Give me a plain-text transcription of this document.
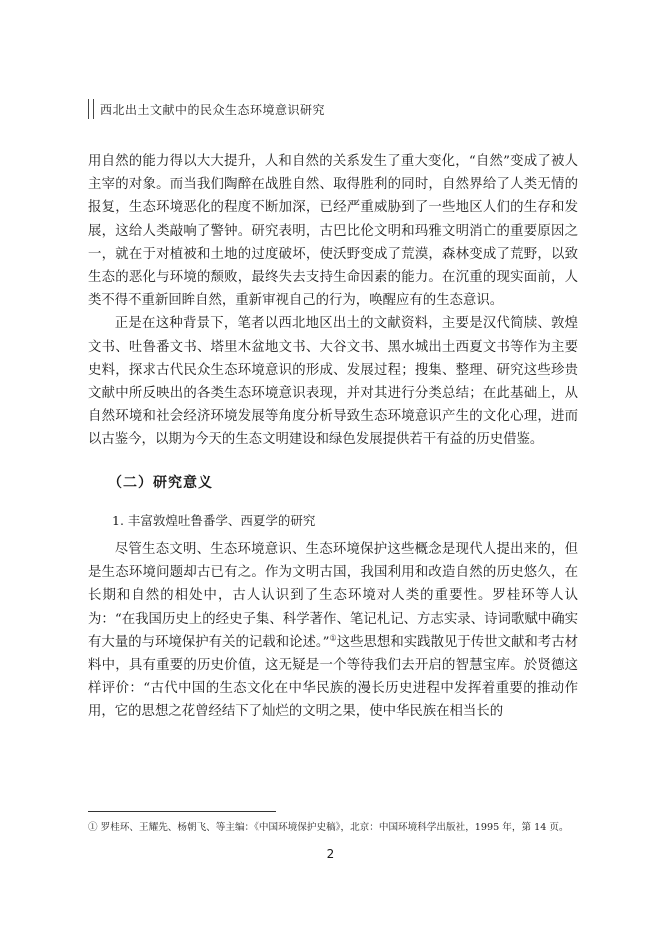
西北出土文献中的民众生态环境意识研究

用自然的能力得以大大提升，人和自然的关系发生了重大变化，“自然”变成了被人主宰的对象。而当我们陶醉在战胜自然、取得胜利的同时，自然界给了人类无情的报复，生态环境恶化的程度不断加深，已经严重威胁到了一些地区人们的生存和发展，这给人类敲响了警钟。研究表明，古巴比伦文明和玛雅文明消亡的重要原因之一，就在于对植被和土地的过度破坏，使沃野变成了荒漠，森林变成了荒野，以致生态的恶化与环境的颓败，最终失去支持生命因素的能力。在沉重的现实面前，人类不得不重新回眸自然，重新审视自己的行为，唤醒应有的生态意识。

正是在这种背景下，笔者以西北地区出土的文献资料，主要是汉代简牍、敦煌文书、吐鲁番文书、塔里木盆地文书、大谷文书、黑水城出土西夏文书等作为主要史料，探求古代民众生态环境意识的形成、发展过程；搜集、整理、研究这些珍贵文献中所反映出的各类生态环境意识表现，并对其进行分类总结；在此基础上，从自然环境和社会经济环境发展等角度分析导致生态环境意识产生的文化心理，进而以古鉴今，以期为今天的生态文明建设和绿色发展提供若干有益的历史借鉴。

（二）研究意义
1. 丰富敦煌吐鲁番学、西夏学的研究

尽管生态文明、生态环境意识、生态环境保护这些概念是现代人提出来的，但是生态环境问题却古已有之。作为文明古国，我国利用和改造自然的历史悠久，在长期和自然的相处中，古人认识到了生态环境对人类的重要性。罗桂环等人认为：“在我国历史上的经史子集、科学著作、笔记札记、方志实录、诗词歌赋中确实有大量的与环境保护有关的记载和论述。”①这些思想和实践散见于传世文献和考古材料中，具有重要的历史价值，这无疑是一个等待我们去开启的智慧宝库。於贤德这样评价：“古代中国的生态文化在中华民族的漫长历史进程中发挥着重要的推动作用，它的思想之花曾经结下了灿烂的文明之果，使中华民族在相当长的

① 罗桂环、王耀先、杨朝飞、等主编：《中国环境保护史稿》，北京：中国环境科学出版社，1995 年，第 14 页。
2
